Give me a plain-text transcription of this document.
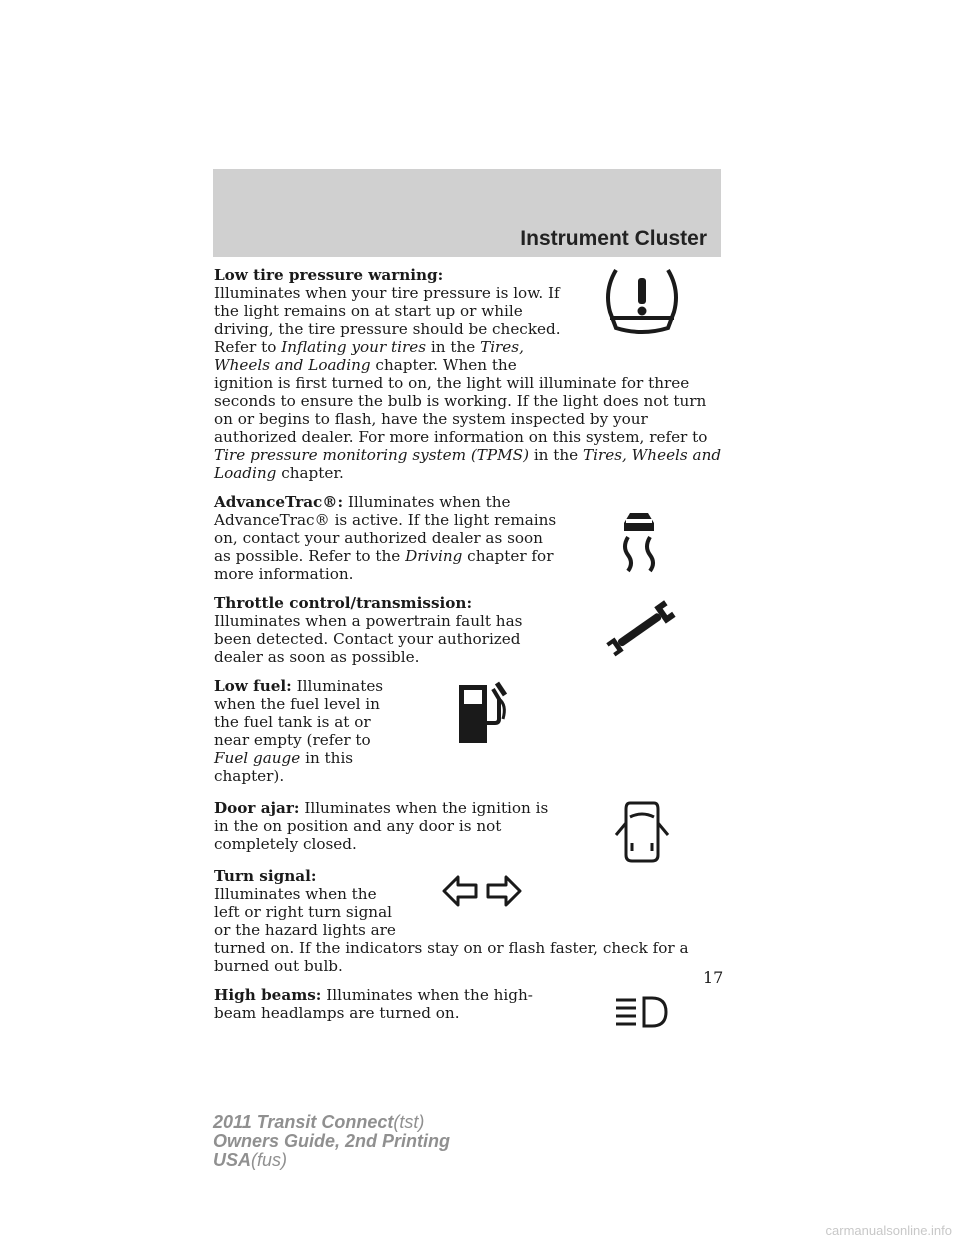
Instrument Cluster
Low tire pressure warning:
Illuminates when your tire pressure is low. If the light remains on at start up or while driving, the tire pressure should be checked. Refer to Inflating your tires in the Tires, Wheels and Loading chapter. When the ignition is first turned to on, the light will illuminate for three seconds to ensure the bulb is working. If the light does not turn on or begins to flash, have the system inspected by your authorized dealer. For more information on this system, refer to Tire pressure monitoring system (TPMS) in the Tires, Wheels and Loading chapter.
AdvanceTrac®: Illuminates when the AdvanceTrac® is active. If the light remains on, contact your authorized dealer as soon as possible. Refer to the Driving chapter for more information.
Throttle control/transmission:
Illuminates when a powertrain fault has been detected. Contact your authorized dealer as soon as possible.
Low fuel: Illuminates when the fuel level in the fuel tank is at or near empty (refer to Fuel gauge in this chapter).
Door ajar: Illuminates when the ignition is in the on position and any door is not completely closed.
Turn signal: Illuminates when the left or right turn signal or the hazard lights are turned on. If the indicators stay on or flash faster, check for a burned out bulb.
High beams: Illuminates when the high-beam headlamps are turned on.
17
2011 Transit Connect(tst)
Owners Guide, 2nd Printing
USA(fus)
carmanualsonline.info
